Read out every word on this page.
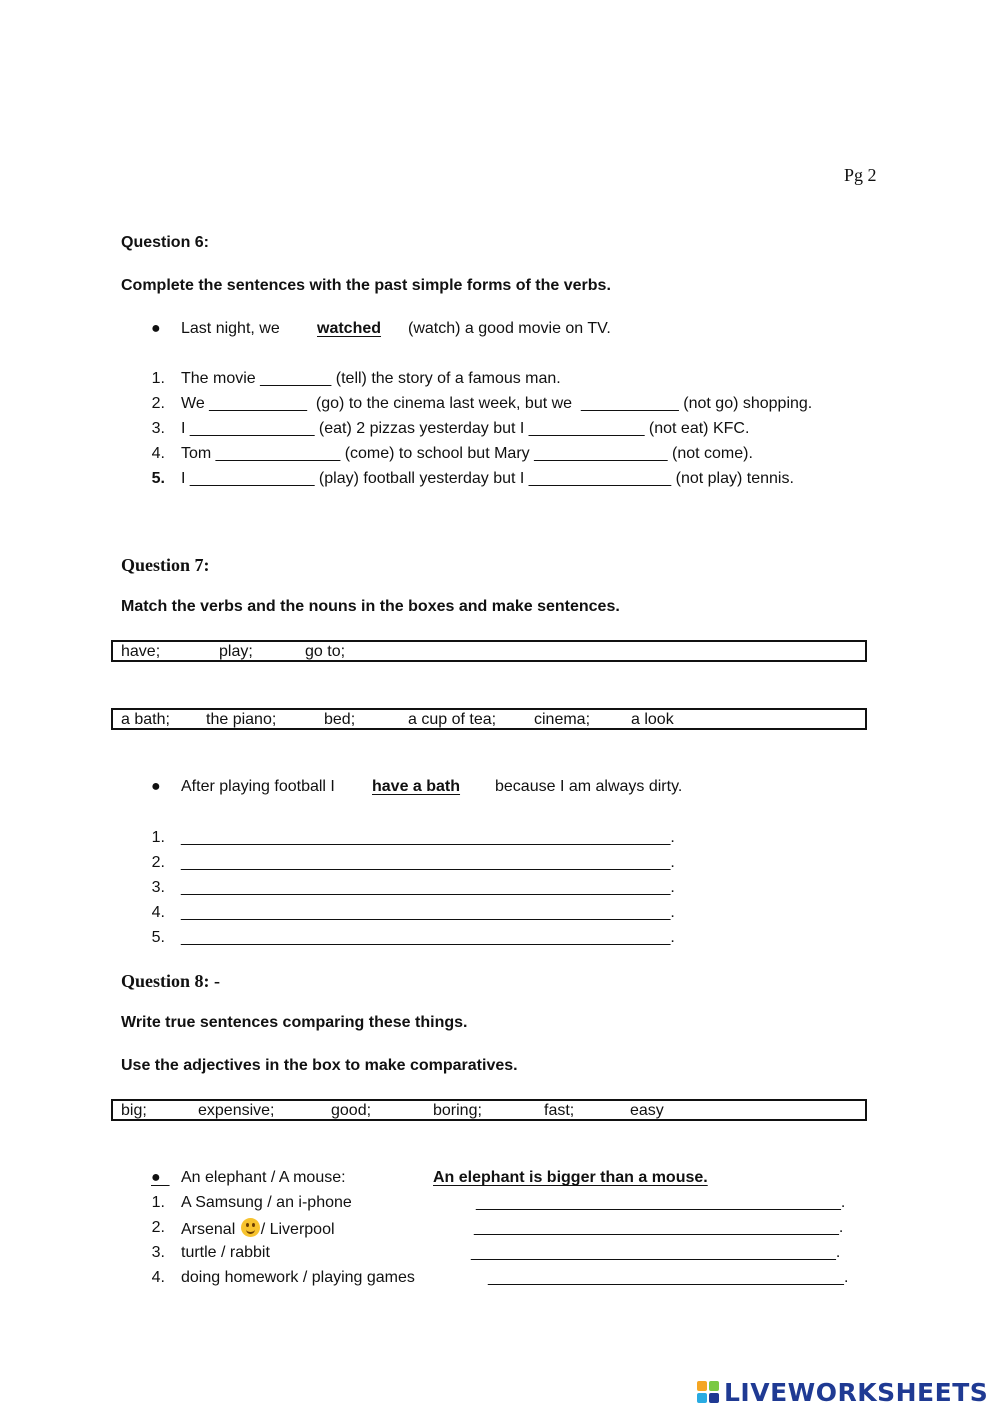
Pg 2
Question 6:
Complete the sentences with the past simple forms of the verbs.
● Last night, we watched (watch) a good movie on TV.
1. The movie ________ (tell) the story of a famous man.
2. We ___________  (go) to the cinema last week, but we  ___________ (not go) shopping.
3. I ______________ (eat) 2 pizzas yesterday but I _____________ (not eat) KFC.
4. Tom ______________ (come) to school but Mary _______________ (not come).
5. I ______________ (play) football yesterday but I ________________ (not play) tennis.
Question 7:
Match the verbs and the nouns in the boxes and make sentences.
have;	play;	go to;
a bath; the piano;	bed;	a cup of tea; cinema;	a look
● After playing football I have a bath because I am always dirty.
1. _______________________________________________________.
2. _______________________________________________________.
3. _______________________________________________________.
4. _______________________________________________________.
5. _______________________________________________________.
Question 8: -
Write true sentences comparing these things.
Use the adjectives in the box to make comparatives.
big;	expensive;	good;	boring;	fast;	easy
● An elephant / A mouse:	An elephant is bigger than a mouse.
1. A Samsung / an i-phone	_________________________________________.
2. Arsenal / Liverpool	_________________________________________.
3. turtle / rabbit	_________________________________________.
4. doing homework / playing games	________________________________________.
LIVEWORKSHEETS
